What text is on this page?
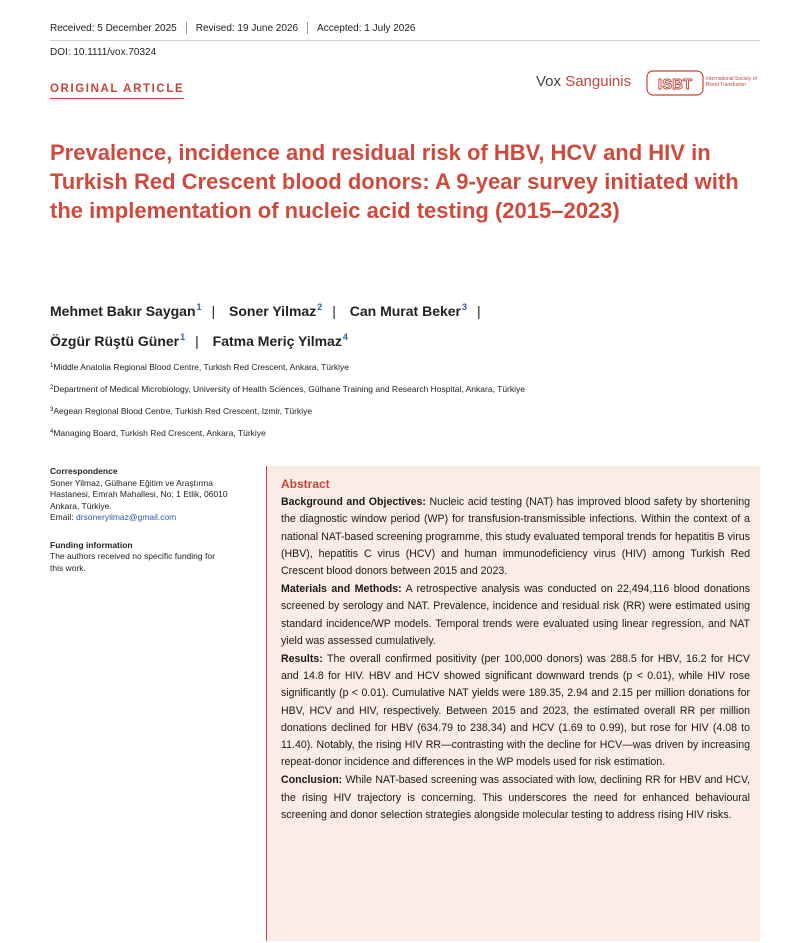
Received: 5 December 2025 Revised: 19 June 2026 Accepted: 1 July 2026
DOI: 10.1111/vox.70324
ORIGINAL ARTICLE	Vox Sanguinis ISBT	International Society of Blood Transfusion
Prevalence, incidence and residual risk of HBV, HCV and HIV in Turkish Red Crescent blood donors: A 9-year survey initiated with the implementation of nucleic acid testing (2015–2023)
Mehmet Bakır Saygan$^1$ | Soner Yilmaz$^2$ | Can Murat Beker$^3$ |
Özgür Rüştü Güner$^1$ | Fatma Meriç Yilmaz$^4$
$^1$Middle Anatolia Regional Blood Centre, Turkish Red Crescent, Ankara, Türkiye
$^2$Department of Medical Microbiology, University of Health Sciences, Gülhane Training and Research Hospital, Ankara, Türkiye
$^3$Aegean Regional Blood Centre, Turkish Red Crescent, Izmir, Türkiye
$^4$Managing Board, Turkish Red Crescent, Ankara, Türkiye
Correspondence
Soner Yilmaz, Gülhane Eğitim ve Araştırma
Hastanesi, Emrah Mahallesi, No: 1 Etlik, 06010
Ankara, Türkiye.
Email: drsoneryilmaz@gmail.com
Funding information
The authors received no specific funding for
this work.
Abstract

Background and Objectives: Nucleic acid testing (NAT) has improved blood safety by shortening the diagnostic window period (WP) for transfusion-transmissible infections. Within the context of a national NAT-based screening programme, this study evaluated temporal trends for hepatitis B virus (HBV), hepatitis C virus (HCV) and human immunodeficiency virus (HIV) among Turkish Red Crescent blood donors between 2015 and 2023.

Materials and Methods: A retrospective analysis was conducted on 22,494,116 blood donations screened by serology and NAT. Prevalence, incidence and residual risk (RR) were estimated using standard incidence/WP models. Temporal trends were evaluated using linear regression, and NAT yield was assessed cumulatively.

Results: The overall confirmed positivity (per 100,000 donors) was 288.5 for HBV, 16.2 for HCV and 14.8 for HIV. HBV and HCV showed significant downward trends (p < 0.01), while HIV rose significantly (p < 0.01). Cumulative NAT yields were 189.35, 2.94 and 2.15 per million donations for HBV, HCV and HIV, respectively. Between 2015 and 2023, the estimated overall RR per million donations declined for HBV (634.79 to 238.34) and HCV (1.69 to 0.99), but rose for HIV (4.08 to 11.40). Notably, the rising HIV RR—contrasting with the decline for HCV—was driven by increasing repeat-donor incidence and differences in the WP models used for risk estimation.

Conclusion: While NAT-based screening was associated with low, declining RR for HBV and HCV, the rising HIV trajectory is concerning. This underscores the need for enhanced behavioural screening and donor selection strategies alongside molecular testing to address rising HIV risks.
